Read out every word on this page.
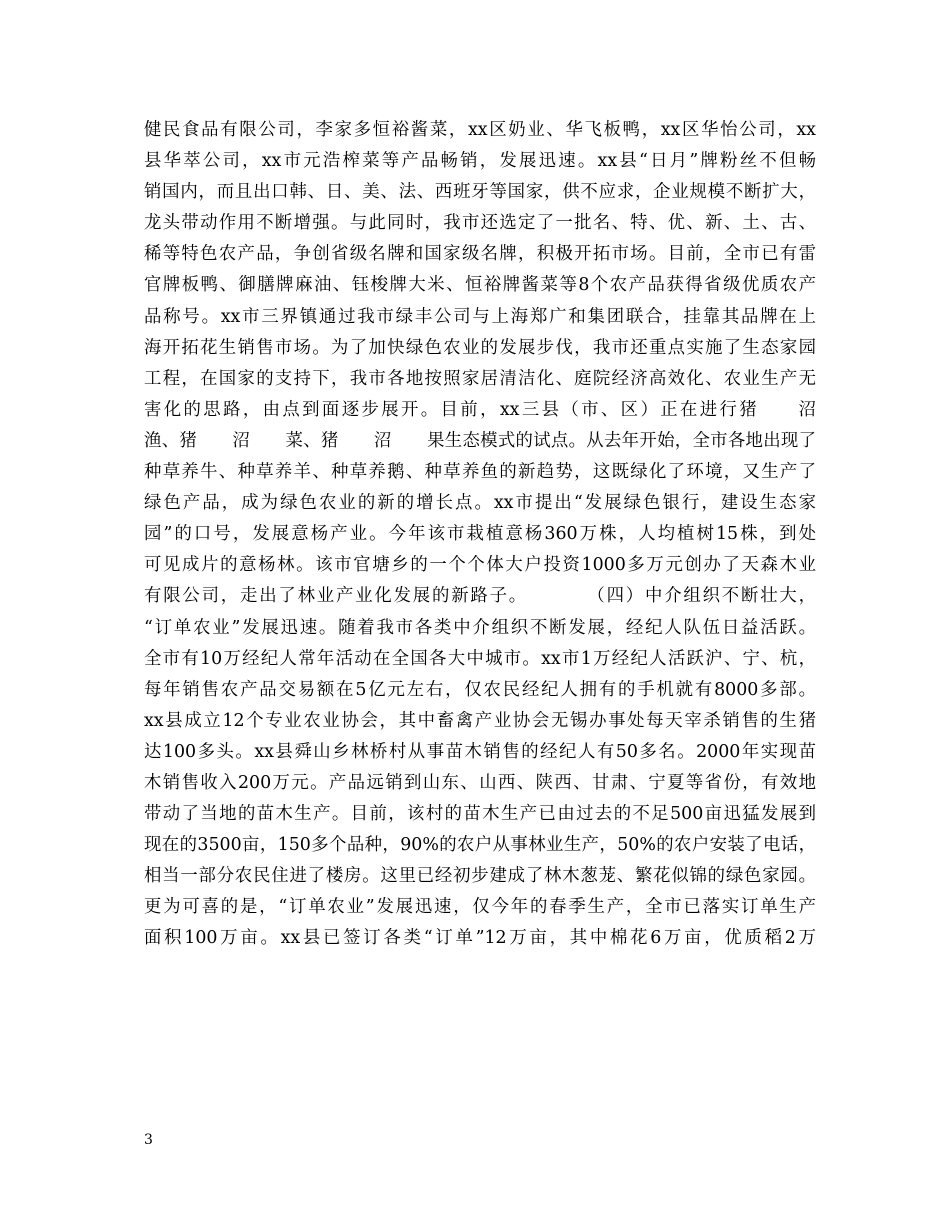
健民食品有限公司，李家多恒裕酱菜，xx区奶业、华飞板鸭，xx区华怡公司，xx
县华萃公司，xx市元浩榨菜等产品畅销，发展迅速。xx县“日月”牌粉丝不但畅
销国内，而且出口韩、日、美、法、西班牙等国家，供不应求，企业规模不断扩大，
龙头带动作用不断增强。与此同时，我市还选定了一批名、特、优、新、土、古、
稀等特色农产品，争创省级名牌和国家级名牌，积极开拓市场。目前，全市已有雷
官牌板鸭、御膳牌麻油、钰梭牌大米、恒裕牌酱菜等8个农产品获得省级优质农产
品称号。xx市三界镇通过我市绿丰公司与上海郑广和集团联合，挂靠其品牌在上
海开拓花生销售市场。为了加快绿色农业的发展步伐，我市还重点实施了生态家园
工程，在国家的支持下，我市各地按照家居清洁化、庭院经济高效化、农业生产无
害化的思路，由点到面逐步展开。目前，xx三县（市、区）正在进行猪　　沼
渔、猪　　沼　　菜、猪　　沼　　果生态模式的试点。从去年开始，全市各地出现了
种草养牛、种草养羊、种草养鹅、种草养鱼的新趋势，这既绿化了环境，又生产了
绿色产品，成为绿色农业的新的增长点。xx市提出“发展绿色银行，建设生态家
园”的口号，发展意杨产业。今年该市栽植意杨360万株，人均植树15株，到处
可见成片的意杨林。该市官塘乡的一个个体大户投资1000多万元创办了天森木业
有限公司，走出了林业产业化发展的新路子。　　　　（四）中介组织不断壮大，
“订单农业”发展迅速。随着我市各类中介组织不断发展，经纪人队伍日益活跃。
全市有10万经纪人常年活动在全国各大中城市。xx市1万经纪人活跃沪、宁、杭，
每年销售农产品交易额在5亿元左右，仅农民经纪人拥有的手机就有8000多部。
xx县成立12个专业农业协会，其中畜禽产业协会无锡办事处每天宰杀销售的生猪
达100多头。xx县舜山乡林桥村从事苗木销售的经纪人有50多名。2000年实现苗
木销售收入200万元。产品远销到山东、山西、陕西、甘肃、宁夏等省份，有效地
带动了当地的苗木生产。目前，该村的苗木生产已由过去的不足500亩迅猛发展到
现在的3500亩，150多个品种，90%的农户从事林业生产，50%的农户安装了电话，
相当一部分农民住进了楼房。这里已经初步建成了林木葱茏、繁花似锦的绿色家园。
更为可喜的是，“订单农业”发展迅速，仅今年的春季生产，全市已落实订单生产
面积100万亩。xx县已签订各类“订单”12万亩，其中棉花6万亩，优质稻2万
3
